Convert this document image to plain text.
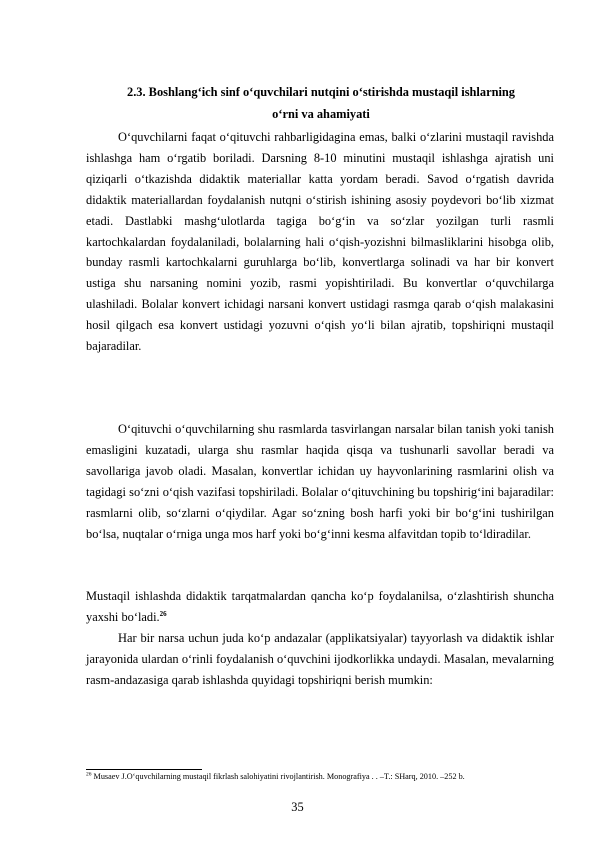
2.3. Boshlang‘ich sinf o‘quvchilari nutqini o‘stirishda mustaqil ishlarning
o‘rni va ahamiyati

O‘quvchilarni faqat o‘qituvchi rahbarligidagina emas, balki o‘zlarini mustaqil ravishda ishlashga ham o‘rgatib boriladi. Darsning 8-10 minutini mustaqil ishlashga ajratish uni qiziqarli o‘tkazishda didaktik materiallar katta yordam beradi. Savod o‘rgatish davrida didaktik materiallardan foydalanish nutqni o‘stirish ishining asosiy poydevori bo‘lib xizmat etadi. Dastlabki mashg‘ulotlarda tagiga bo‘g‘in va so‘zlar yozilgan turli rasmli kartochkalardan foydalaniladi, bolalarning hali o‘qish-yozishni bilmasliklarini hisobga olib, bunday rasmli kartochkalarni guruhlarga bo‘lib, konvertlarga solinadi va har bir konvert ustiga shu narsaning nomini yozib, rasmi yopishtiriladi. Bu konvertlar o‘quvchilarga ulashiladi. Bolalar konvert ichidagi narsani konvert ustidagi rasmga qarab o‘qish malakasini hosil qilgach esa konvert ustidagi yozuvni o‘qish yo‘li bilan ajratib, topshiriqni mustaqil bajaradilar.

O‘qituvchi o‘quvchilarning shu rasmlarda tasvirlangan narsalar bilan tanish yoki tanish emasligini kuzatadi, ularga shu rasmlar haqida qisqa va tushunarli savollar beradi va savollariga javob oladi. Masalan, konvertlar ichidan uy hayvonlarining rasmlarini olish va tagidagi so‘zni o‘qish vazifasi topshiriladi. Bolalar o‘qituvchining bu topshirig‘ini bajaradilar: rasmlarni olib, so‘zlarni o‘qiydilar. Agar so‘zning bosh harfi yoki bir bo‘g‘ini tushirilgan bo‘lsa, nuqtalar o‘rniga unga mos harf yoki bo‘g‘inni kesma alfavitdan topib to‘ldiradilar.

Mustaqil ishlashda didaktik tarqatmalardan qancha ko‘p foydalanilsa, o‘zlashtirish shuncha yaxshi bo‘ladi.$^{26}$

Har bir narsa uchun juda ko‘p andazalar (applikatsiyalar) tayyorlash va didaktik ishlar jarayonida ulardan o‘rinli foydalanish o‘quvchini ijodkorlikka undaydi. Masalan, mevalarning rasm-andazasiga qarab ishlashda quyidagi topshiriqni berish mumkin:

$^{26}$ Musaev J.O‘quvchilarning mustaqil fikrlash salohiyatini rivojlantirish. Monografiya . . –T.: SHarq, 2010. –252 b.
35
